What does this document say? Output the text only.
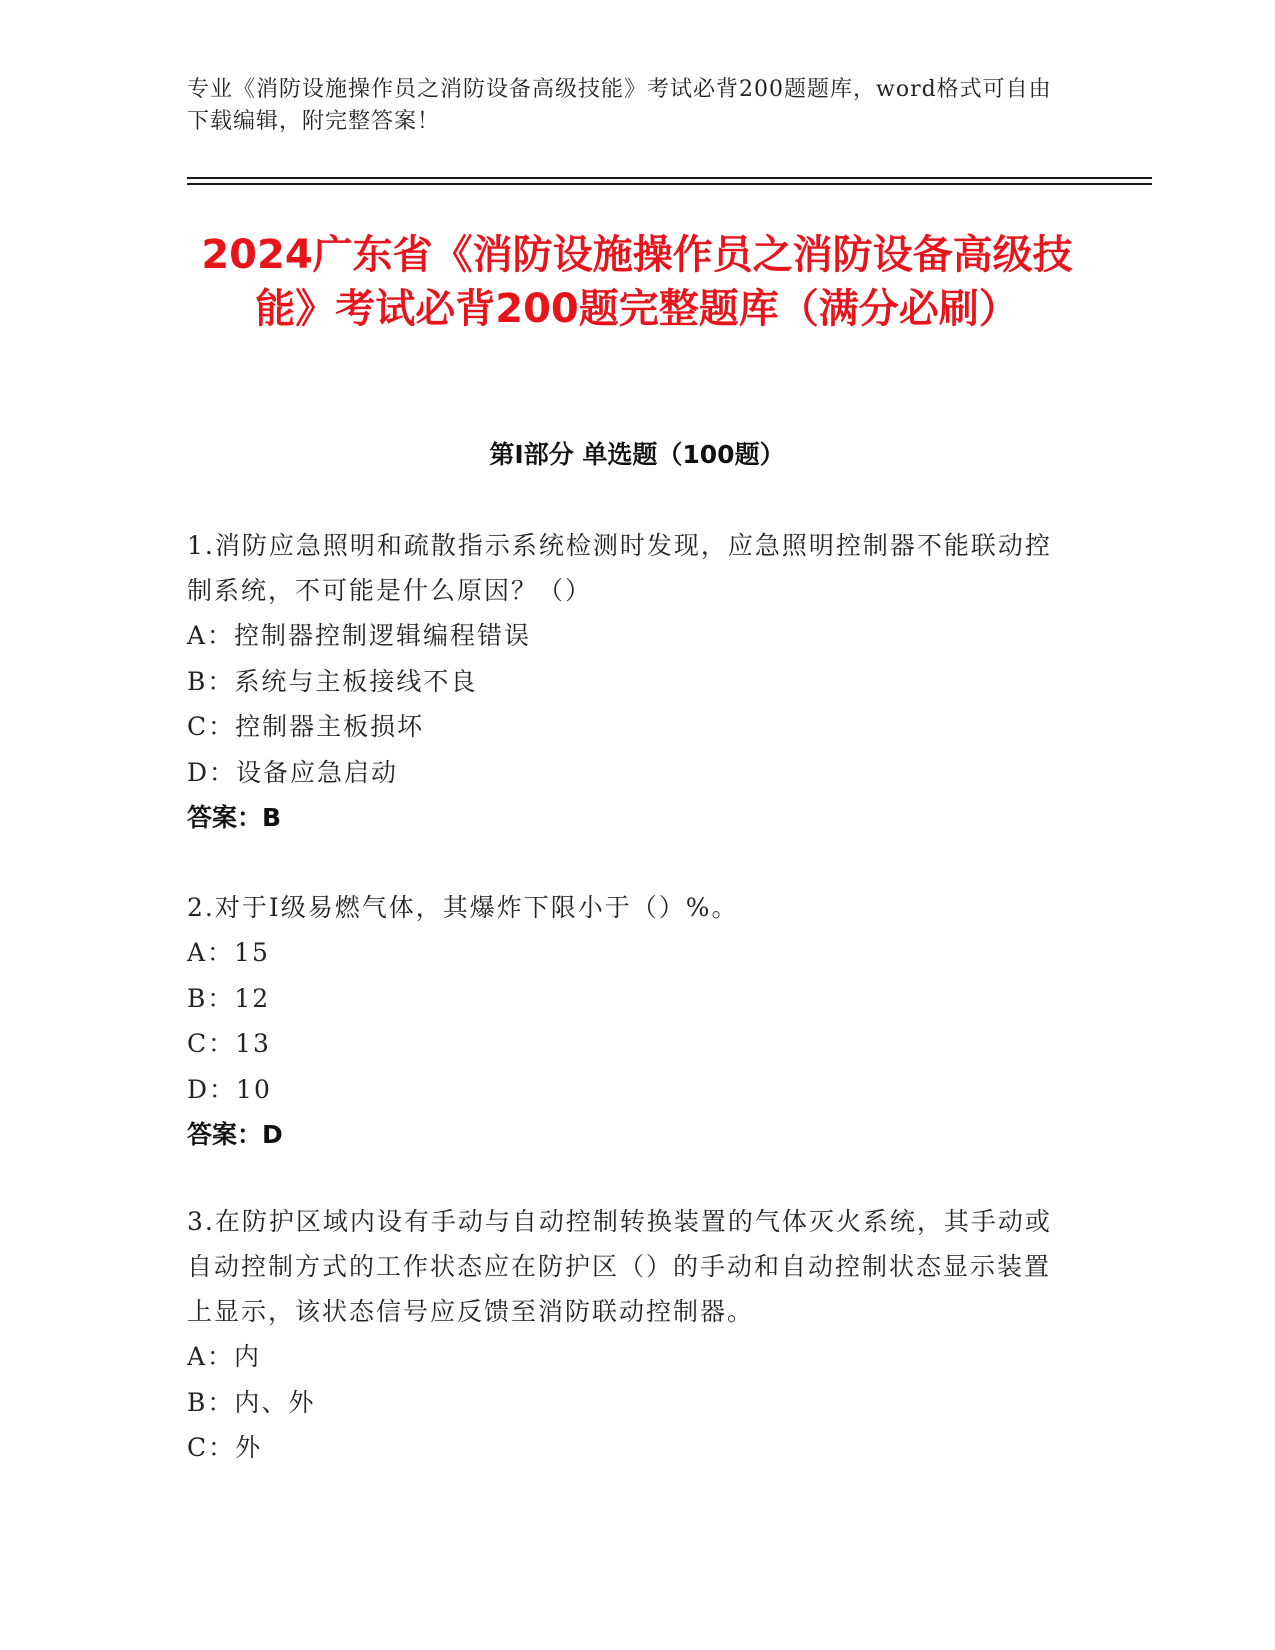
专业《消防设施操作员之消防设备高级技能》考试必背200题题库，word格式可自由下载编辑，附完整答案！
2024广东省《消防设施操作员之消防设备高级技能》考试必背200题完整题库（满分必刷）
第Ⅰ部分 单选题（100题）
1.消防应急照明和疏散指示系统检测时发现，应急照明控制器不能联动控制系统，不可能是什么原因？（）
A：控制器控制逻辑编程错误
B：系统与主板接线不良
C：控制器主板损坏
D：设备应急启动
答案：B
2.对于Ⅰ级易燃气体，其爆炸下限小于（）%。
A：15
B：12
C：13
D：10
答案：D
3.在防护区域内设有手动与自动控制转换装置的气体灭火系统，其手动或自动控制方式的工作状态应在防护区（）的手动和自动控制状态显示装置上显示，该状态信号应反馈至消防联动控制器。
A：内
B：内、外
C：外
